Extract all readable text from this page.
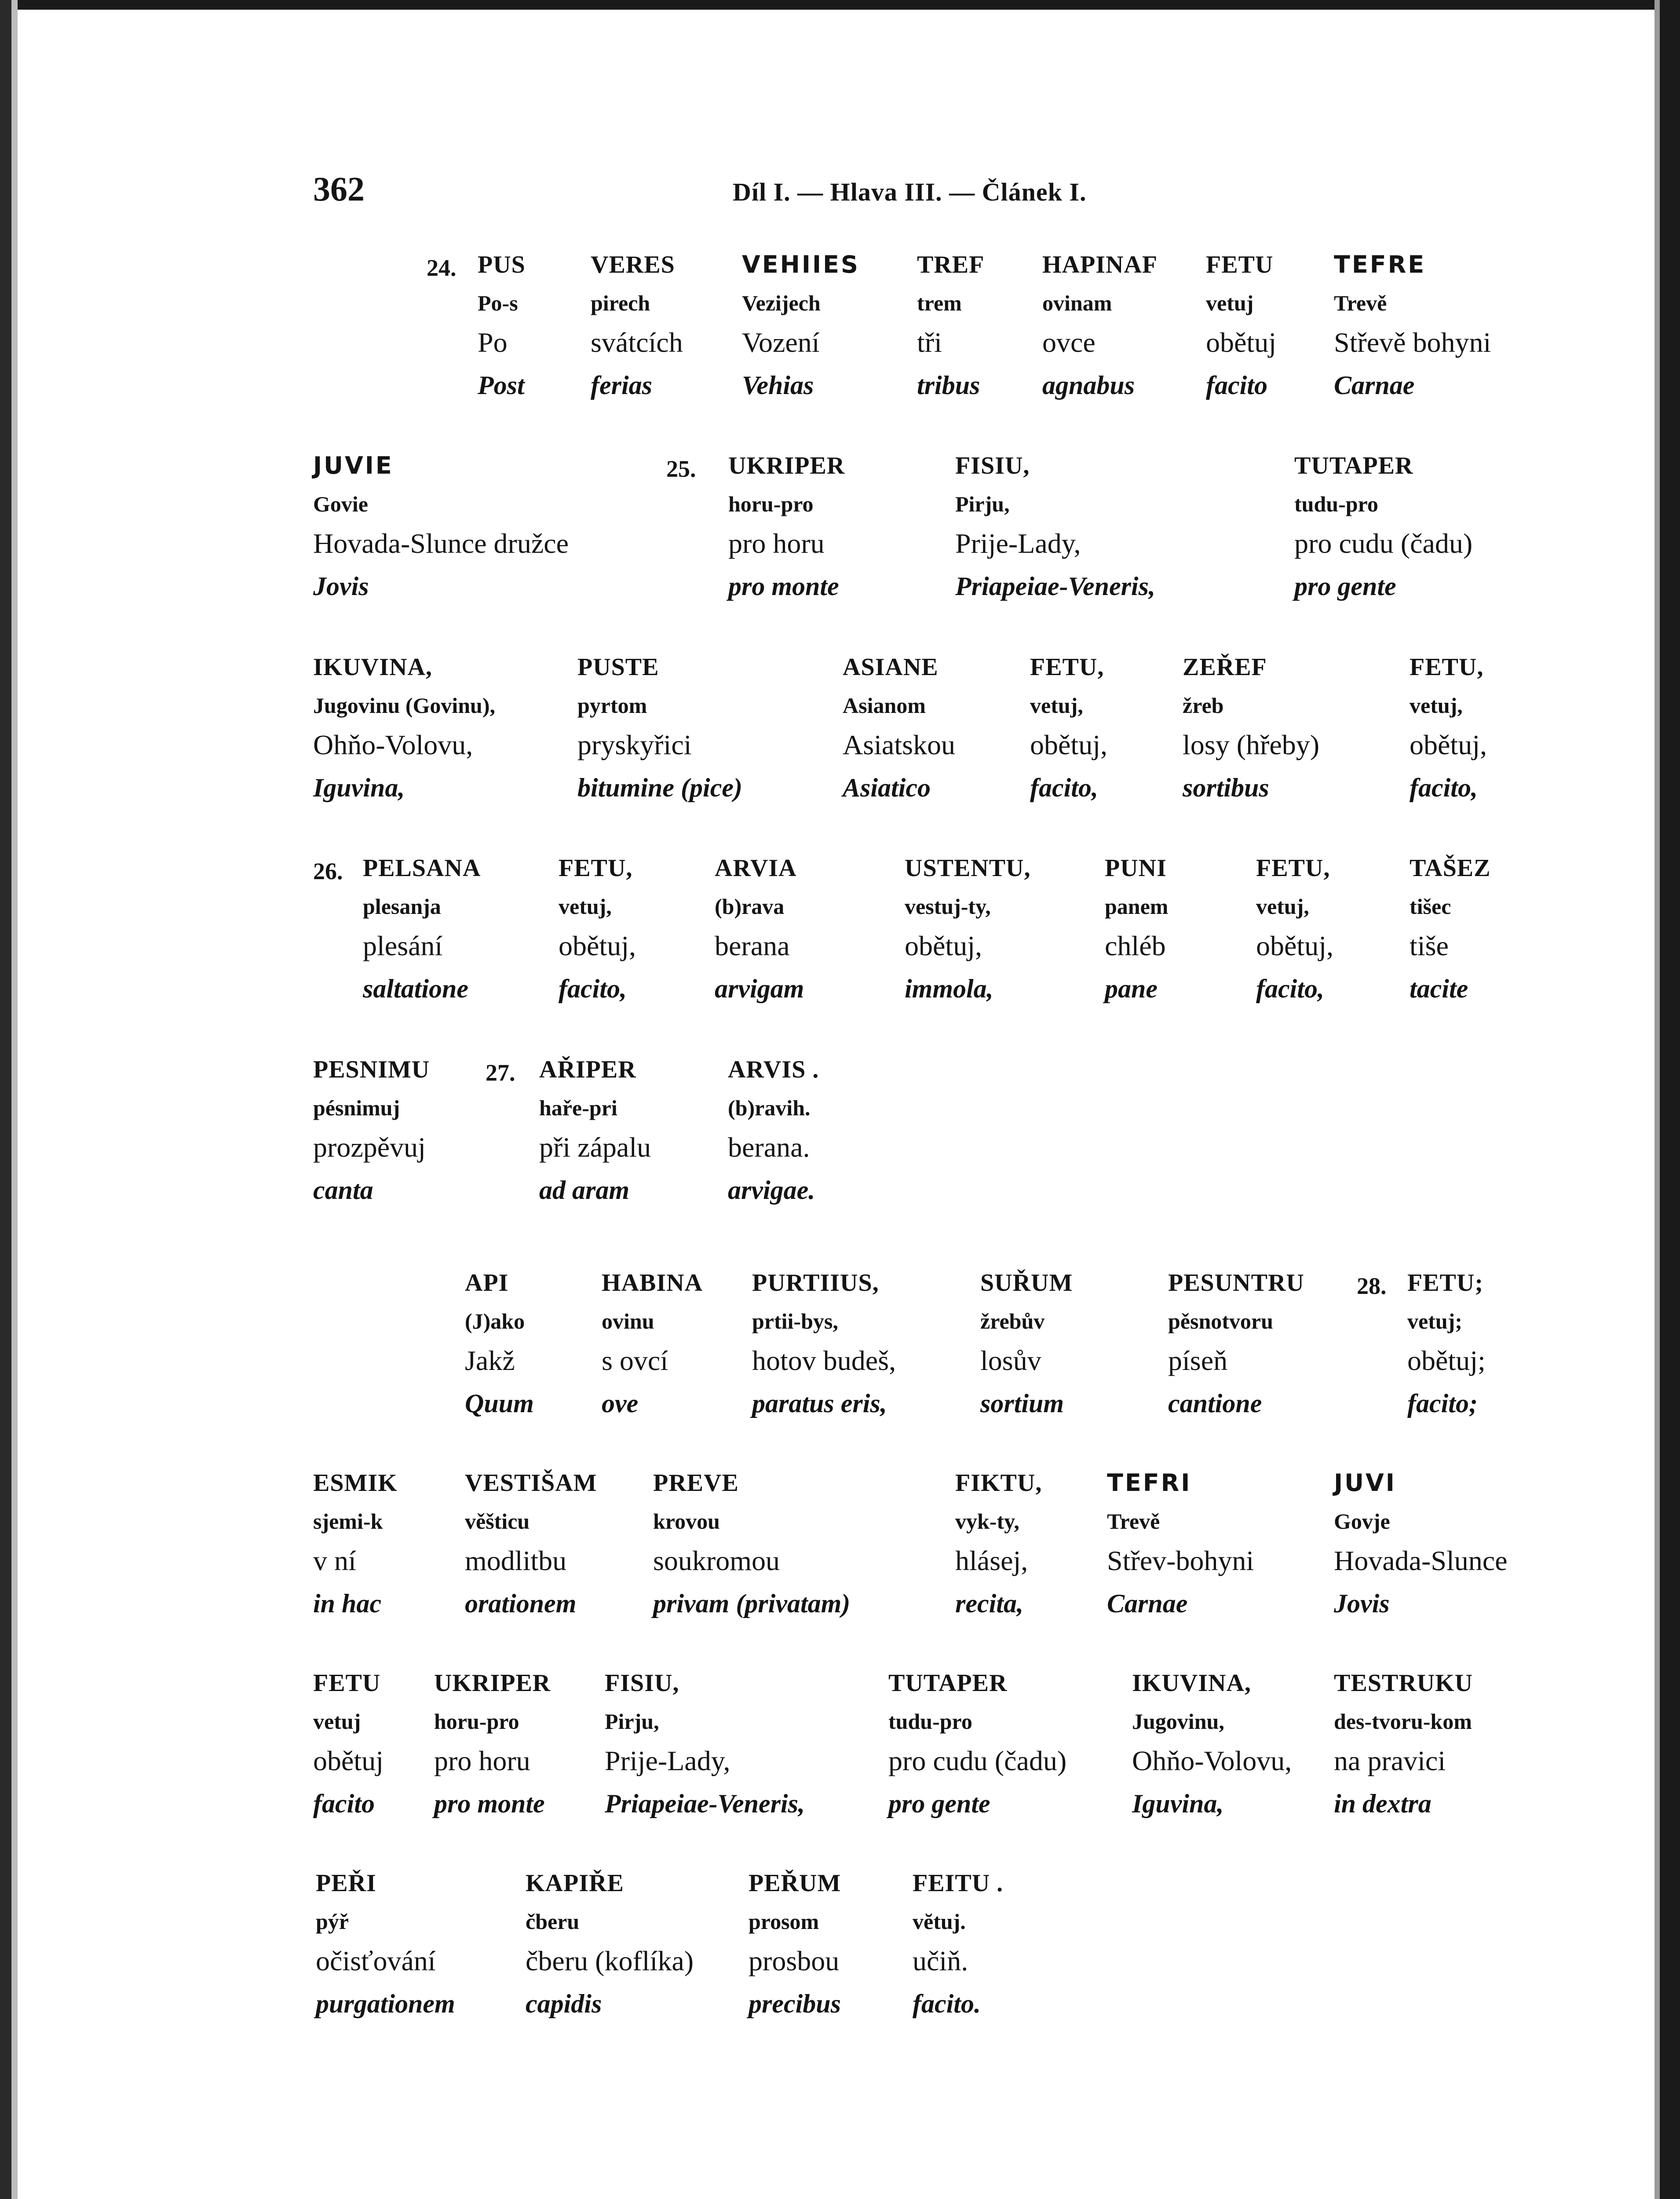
362	Díl I. — Hlava III. — Článek I.
24. PUS
Po-s
Po
Post
VERES
pirech
svátcích
ferias
VEHIIES
Vezijech
Vození
Vehias
TREF
trem
tři
tribus
HAPINAF
ovinam
ovce
agnabus
FETU
vetuj
obětuj
facito
TEFRE
Trevě
Střevě bohyni
Carnae
JUVIE
Govie
Hovada-Slunce družce
Jovis
25. UKRIPER
horu-pro
pro horu
pro monte
FISIU,
Pirju,
Prije-Lady,
Priapeiae-Veneris,
TUTAPER
tudu-pro
pro cudu (čadu)
pro gente
IKUVINA,
Jugovinu (Govinu),
Ohňo-Volovu,
Iguvina,
PUSTE
pyrtom
pryskyřici
bitumine (pice)
ASIANE
Asianom
Asiatskou
Asiatico
FETU,
vetuj,
obětuj,
facito,
ZEŘEF
žreb
losy (hřeby)
sortibus
FETU,
vetuj,
obětuj,
facito,
26. PELSANA
plesanja
plesání
saltatione
FETU,
vetuj,
obětuj,
facito,
ARVIA
(b)rava
berana
arvigam
USTENTU,
vestuj-ty,
obětuj,
immola,
PUNI
panem
chléb
pane
FETU,
vetuj,
obětuj,
facito,
TAŠEZ
tišec
tiše
tacite
PESNIMU
pésnimuj
prozpěvuj
canta
27. AŘIPER
haře-pri
při zápalu
ad aram
ARVIS .
(b)ravih.
berana.
arvigae.
API
(J)ako
Jakž
Quum
HABINA
ovinu
s ovcí
ove
PURTIIUS,
prtii-bys,
hotov budeš,
paratus eris,
SUŘUM
žrebův
losův
sortium
PESUNTRU
pěsnotvoru
píseň
cantione
28. FETU;
vetuj;
obětuj;
facito;
ESMIK
sjemi-k
v ní
in hac
VESTIŠAM
věšticu
modlitbu
orationem
PREVE
krovou
soukromou
privam (privatam)
FIKTU,
vyk-ty,
hlásej,
recita,
TEFRI
Trevě
Střev-bohyni
Carnae
JUVI
Govje
Hovada-Slunce
Jovis
FETU
vetuj
obětuj
facito
UKRIPER
horu-pro
pro horu
pro monte
FISIU,
Pirju,
Prije-Lady,
Priapeiae-Veneris,
TUTAPER
tudu-pro
pro cudu (čadu)
pro gente
IKUVINA,
Jugovinu,
Ohňo-Volovu,
Iguvina,
TESTRUKU
des-tvoru-kom
na pravici
in dextra
PEŘI
pýř
očisťování
purgationem
KAPIŘE
čberu
čberu (koflíka)
capidis
PEŘUM
prosom
prosbou
precibus
FEITU .
vĕtuj.
učiň.
facito.
